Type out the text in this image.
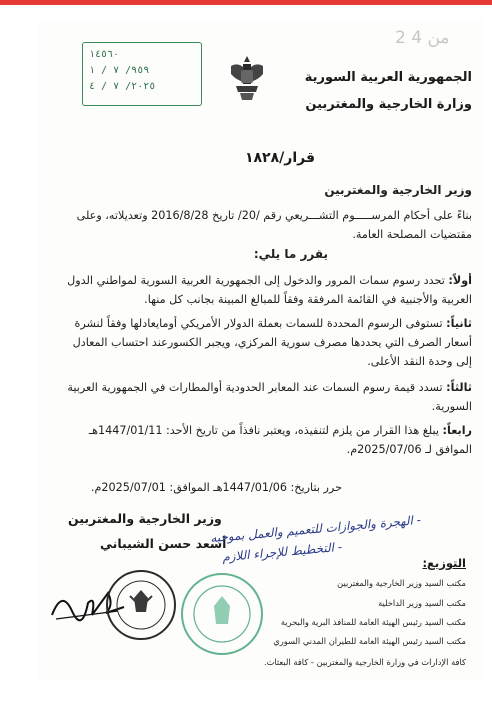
2 من 4
الجمهورية العربية السورية
وزارة الخارجية والمغتربين
١٤٥٦٠
٩٥٩/ ٧ / ١
٢٠٢٥/ ٧ / ٤
قرار/١٨٢٨
وزير الخارجية والمغتربين
بناءً على أحكام المرســـــوم التشـــريعي رقم /20/ تاريخ 2016/8/28 وتعديلاته، وعلى مقتضيات المصلحة العامة.
يقرر ما يلي:
أولاً: تحدد رسوم سمات المرور والدخول إلى الجمهورية العربية السورية لمواطني الدول العربية والأجنبية في القائمة المرفقة وفقاً للمبالغ المبينة بجانب كل منها.
ثانياً: تستوفى الرسوم المحددة للسمات بعملة الدولار الأمريكي أومايعادلها وفقاً لنشرة أسعار الصرف التي يحددها مصرف سورية المركزي، ويجبر الكسورعند احتساب المعادل إلى وحدة النقد الأعلى.
ثالثاً: تسدد قيمة رسوم السمات عند المعابر الحدودية أوالمطارات في الجمهورية العربية السورية.
رابعاً: يبلغ هذا القرار من يلزم لتنفيذه، ويعتبر نافذاً من تاريخ الأحد: 1447/01/11هـ الموافق لـ 2025/07/06م.
حرر بتاريخ: 1447/01/06هـ الموافق: 2025/07/01م.
وزير الخارجية والمغتربين
أسعد حسن الشيباني
- الهجرة والجوازات للتعميم والعمل بموجبه
- التخطيط للإجراء اللازم	التوزيع:
مكتب السيد وزير الخارجية والمغتربين
مكتب السيد وزير الداخلية
مكتب السيد رئيس الهيئة العامة للمنافذ البرية والبحرية
مكتب السيد رئيس الهيئة العامة للطيران المدني السوري
كافة الإدارات في وزارة الخارجية والمغتربين - كافة البعثات.
